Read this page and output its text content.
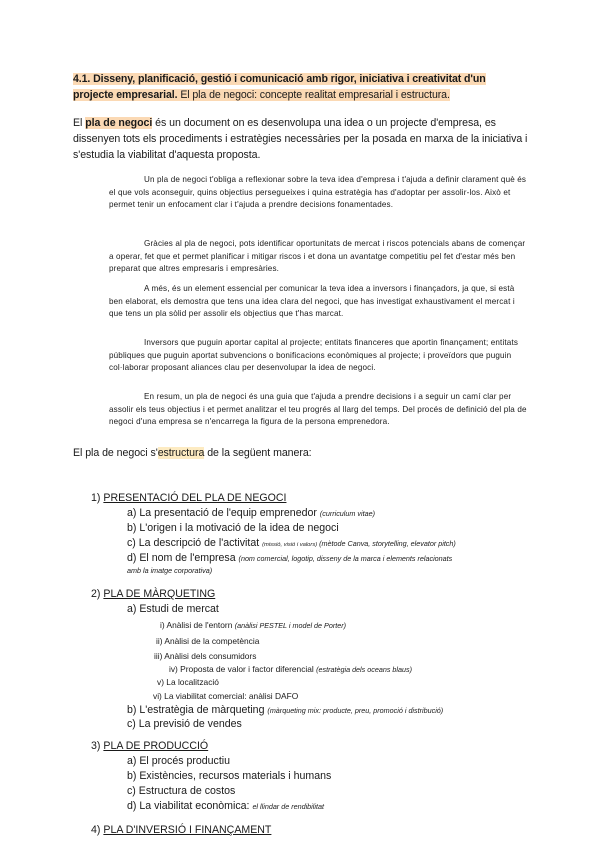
4.1. Disseny, planificació, gestió i comunicació amb rigor, iniciativa i creativitat d'un projecte empresarial. El pla de negoci: concepte realitat empresarial i estructura.
El pla de negoci és un document on es desenvolupa una idea o un projecte d'empresa, es dissenyen tots els procediments i estratègies necessàries per la posada en marxa de la iniciativa i s'estudia la viabilitat d'aquesta proposta.
Un pla de negoci t'obliga a reflexionar sobre la teva idea d'empresa i t'ajuda a definir clarament què és el que vols aconseguir, quins objectius persegueixes i quina estratègia has d'adoptar per assolir-los. Això et permet tenir un enfocament clar i t'ajuda a prendre decisions fonamentades.
Gràcies al pla de negoci, pots identificar oportunitats de mercat i riscos potencials abans de començar a operar, fet que et permet planificar i mitigar riscos i et dona un avantatge competitiu pel fet d'estar més ben preparat que altres empresaris i empresàries.
A més, és un element essencial per comunicar la teva idea a inversors i finançadors, ja que, si està ben elaborat, els demostra que tens una idea clara del negoci, que has investigat exhaustivament el mercat i que tens un pla sòlid per assolir els objectius que t'has marcat.
Inversors que puguin aportar capital al projecte; entitats financeres que aportin finançament; entitats públiques que puguin aportat subvencions o bonificacions econòmiques al projecte; i proveïdors que puguin col·laborar proposant aliances clau per desenvolupar la idea de negoci.
En resum, un pla de negoci és una guia que t'ajuda a prendre decisions i a seguir un camí clar per assolir els teus objectius i et permet analitzar el teu progrés al llarg del temps. Del procés de definició del pla de negoci d'una empresa se n'encarrega la figura de la persona emprenedora.
El pla de negoci s'estructura de la següent manera:
1) PRESENTACIÓ DEL PLA DE NEGOCI
a) La presentació de l'equip emprenedor (curriculum vitae)
b) L'origen i la motivació de la idea de negoci
c) La descripció de l'activitat (missió, visió i valors) (mètode Canva, storytelling, elevator pitch)
d) El nom de l'empresa (nom comercial, logotip, disseny de la marca i elements relacionats
amb la imatge corporativa)
2) PLA DE MÀRQUETING
a) Estudi de mercat
i) Anàlisi de l'entorn (anàlisi PESTEL i model de Porter)
ii) Anàlisi de la competència
iii) Anàlisi dels consumidors
iv) Proposta de valor i factor diferencial (estratègia dels oceans blaus)
v) La localització
vi) La viabilitat comercial: anàlisi DAFO
b) L'estratègia de màrqueting (màrqueting mix: producte, preu, promoció i distribució)
c) La previsió de vendes
3) PLA DE PRODUCCIÓ
a) El procés productiu
b) Existències, recursos materials i humans
c) Estructura de costos
d) La viabilitat econòmica: el llindar de rendibilitat
4) PLA D'INVERSIÓ I FINANÇAMENT
